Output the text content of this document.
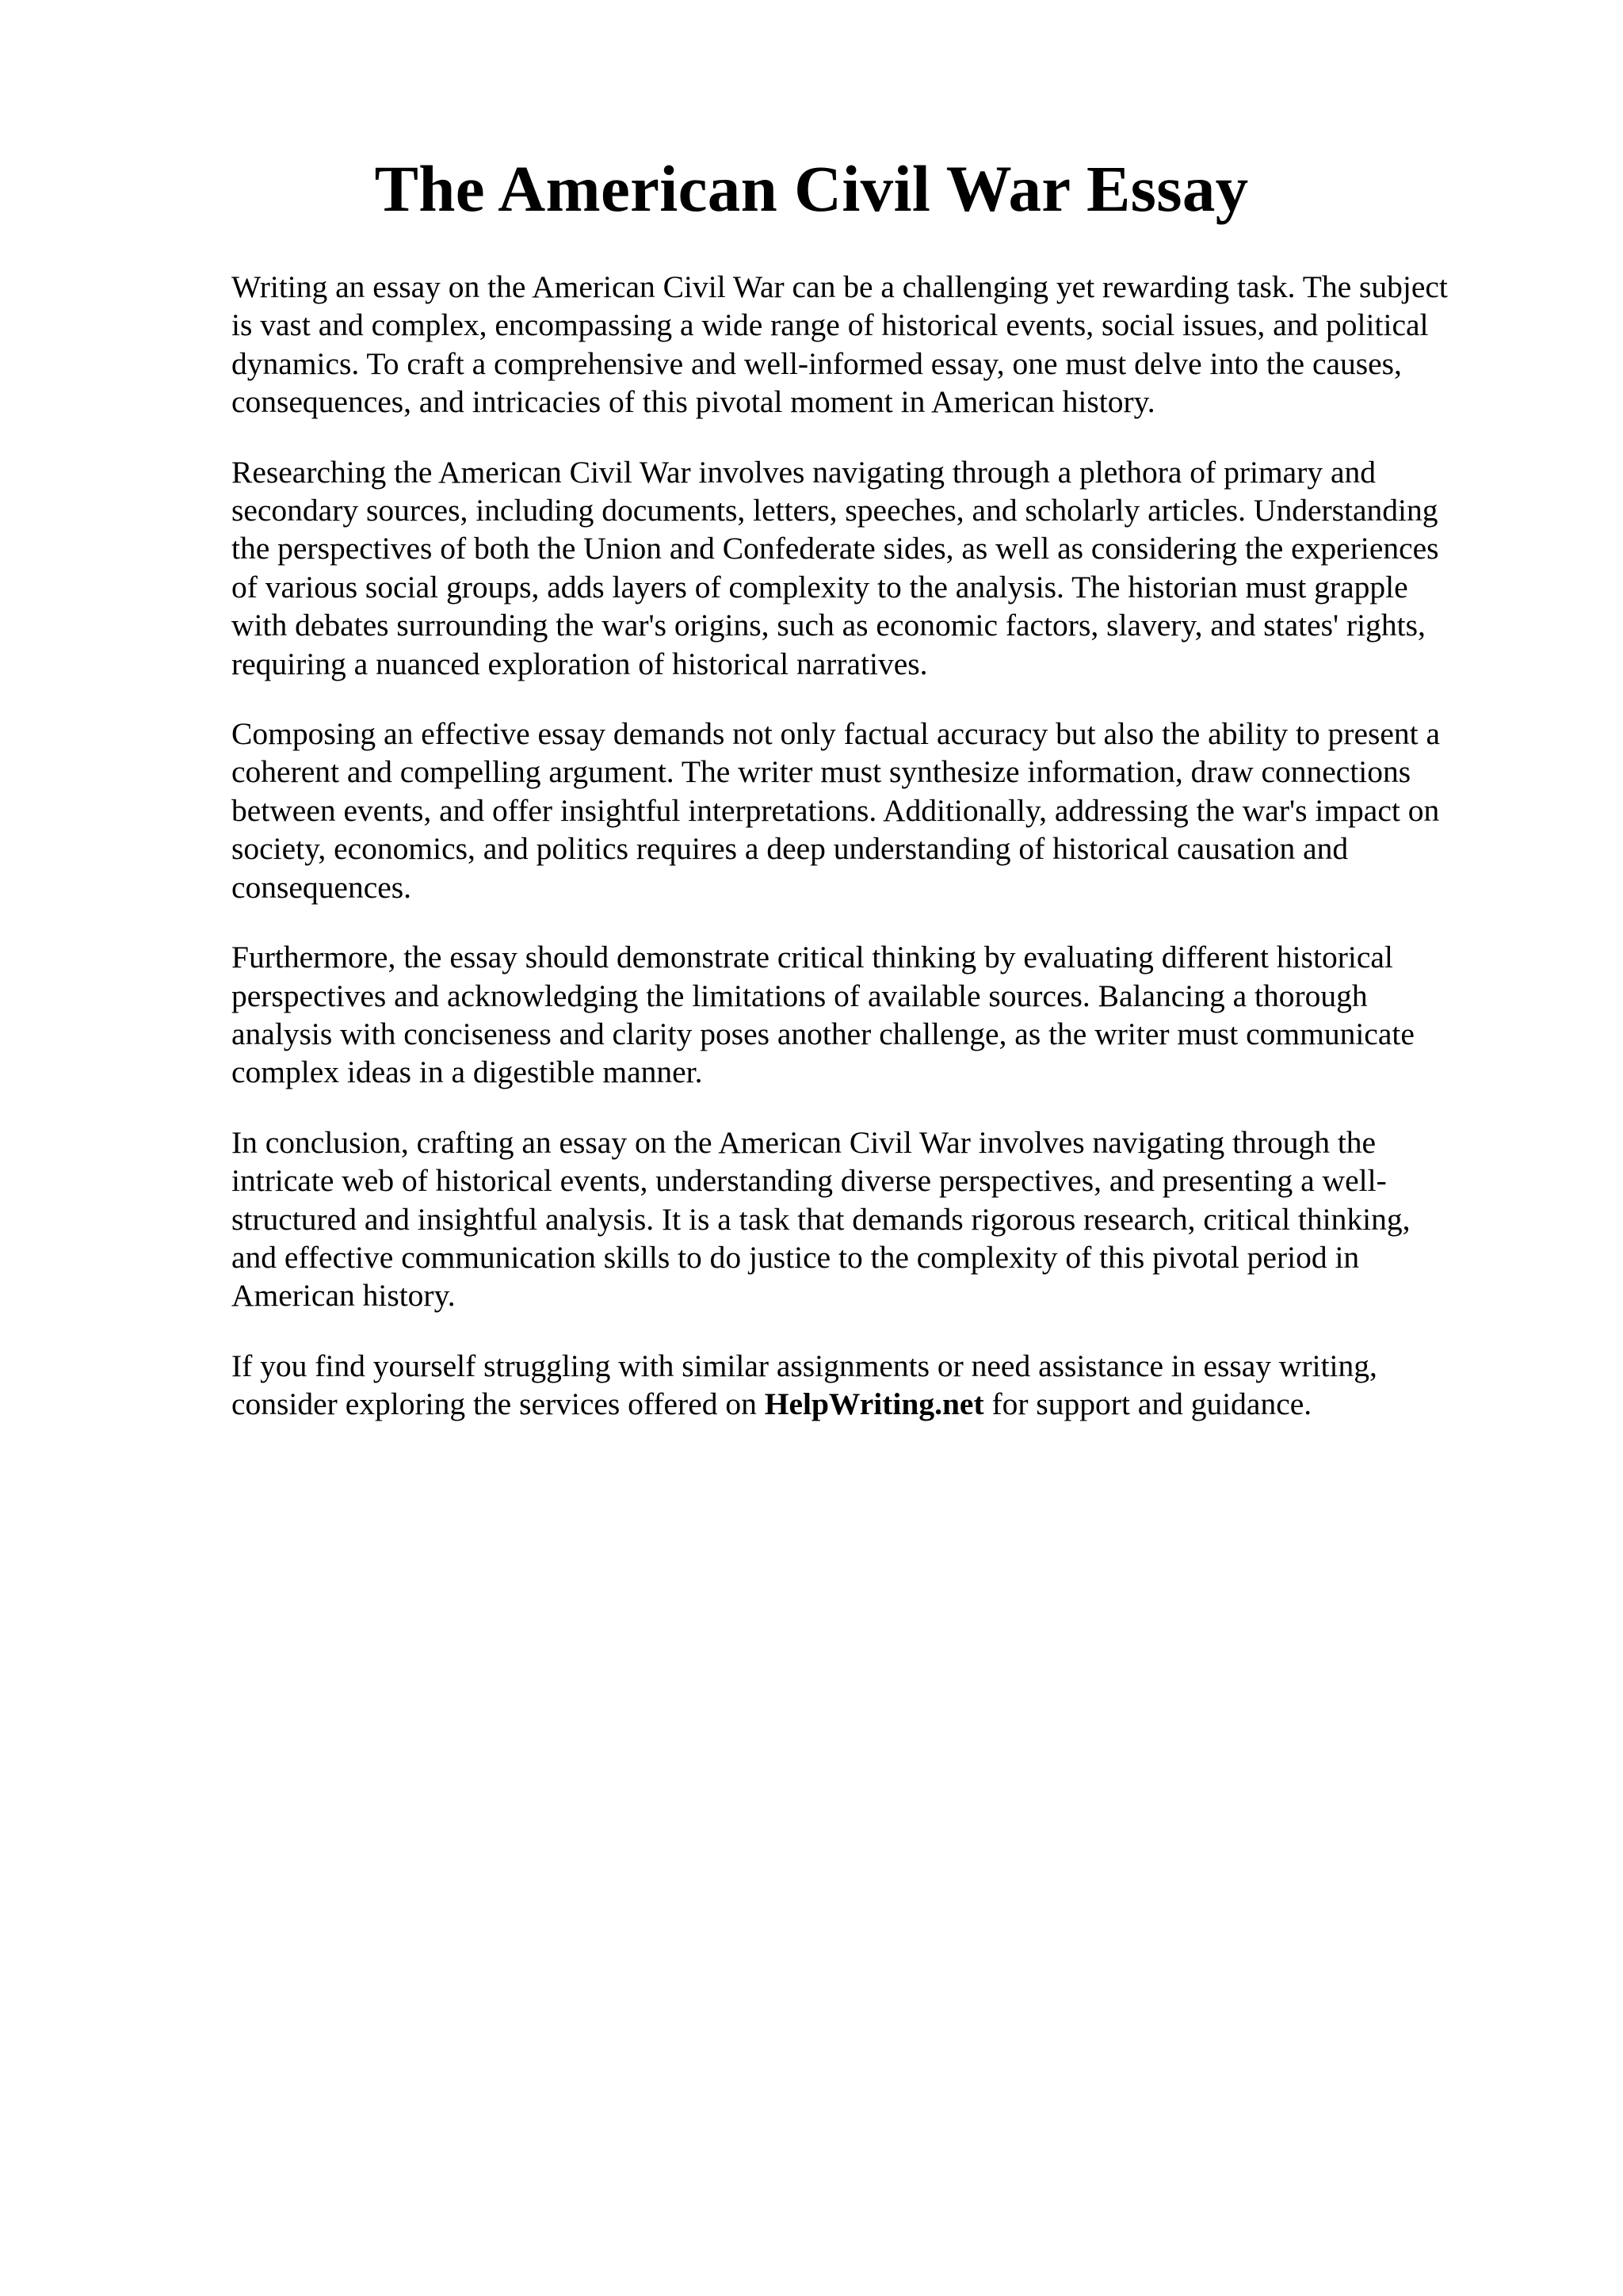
The American Civil War Essay

Writing an essay on the American Civil War can be a challenging yet rewarding task. The subject
is vast and complex, encompassing a wide range of historical events, social issues, and political
dynamics. To craft a comprehensive and well-informed essay, one must delve into the causes,
consequences, and intricacies of this pivotal moment in American history.

Researching the American Civil War involves navigating through a plethora of primary and
secondary sources, including documents, letters, speeches, and scholarly articles. Understanding
the perspectives of both the Union and Confederate sides, as well as considering the experiences
of various social groups, adds layers of complexity to the analysis. The historian must grapple
with debates surrounding the war's origins, such as economic factors, slavery, and states' rights,
requiring a nuanced exploration of historical narratives.

Composing an effective essay demands not only factual accuracy but also the ability to present a
coherent and compelling argument. The writer must synthesize information, draw connections
between events, and offer insightful interpretations. Additionally, addressing the war's impact on
society, economics, and politics requires a deep understanding of historical causation and
consequences.

Furthermore, the essay should demonstrate critical thinking by evaluating different historical
perspectives and acknowledging the limitations of available sources. Balancing a thorough
analysis with conciseness and clarity poses another challenge, as the writer must communicate
complex ideas in a digestible manner.

In conclusion, crafting an essay on the American Civil War involves navigating through the
intricate web of historical events, understanding diverse perspectives, and presenting a well-
structured and insightful analysis. It is a task that demands rigorous research, critical thinking,
and effective communication skills to do justice to the complexity of this pivotal period in
American history.

If you find yourself struggling with similar assignments or need assistance in essay writing,
consider exploring the services offered on HelpWriting.net for support and guidance.
